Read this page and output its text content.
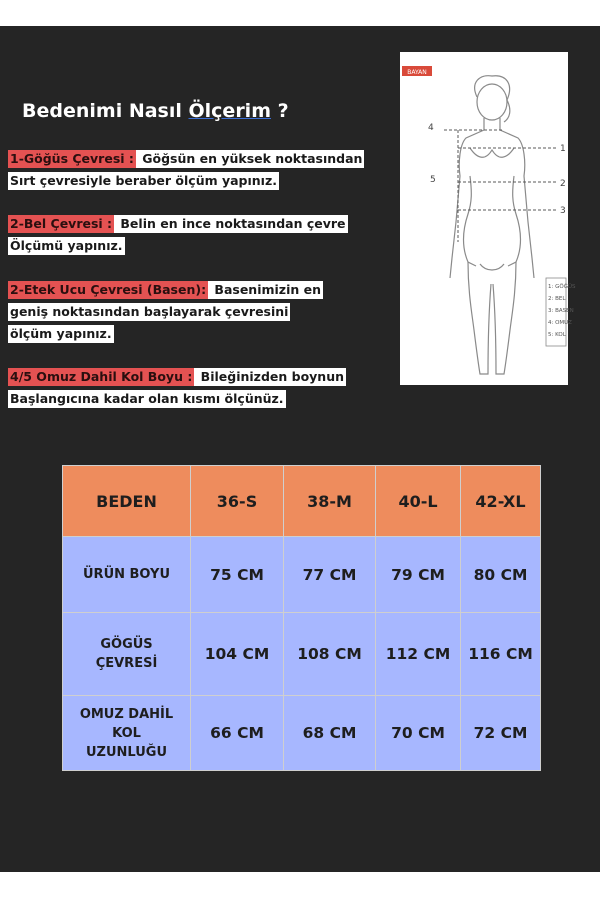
Bedenimi Nasıl Ölçerim ?
1-Göğüs Çevresi : Göğsün en yüksek noktasından
Sırt çevresiyle beraber ölçüm yapınız.
2-Bel Çevresi : Belin en ince noktasından çevre
Ölçümü yapınız.
2-Etek Ucu Çevresi (Basen): Basenimizin en
geniş noktasından başlayarak çevresini
ölçüm yapınız.
4/5 Omuz Dahil Kol Boyu : Bileğinizden boynun
Başlangıcına kadar olan kısmı ölçünüz.
BAYAN
1
2
3
4
5
1: GÖĞÜS
2: BEL
3: BASEN
4: OMUZ
5: KOL
BEDEN	36-S	38-M	40-L	42-XL

ÜRÜN BOYU	75 CM	77 CM	79 CM	80 CM

GÖGÜS
ÇEVRESİ	104 CM	108 CM	112 CM	116 CM

OMUZ DAHİL
KOL
UZUNLUĞU	66 CM	68 CM	70 CM	72 CM
